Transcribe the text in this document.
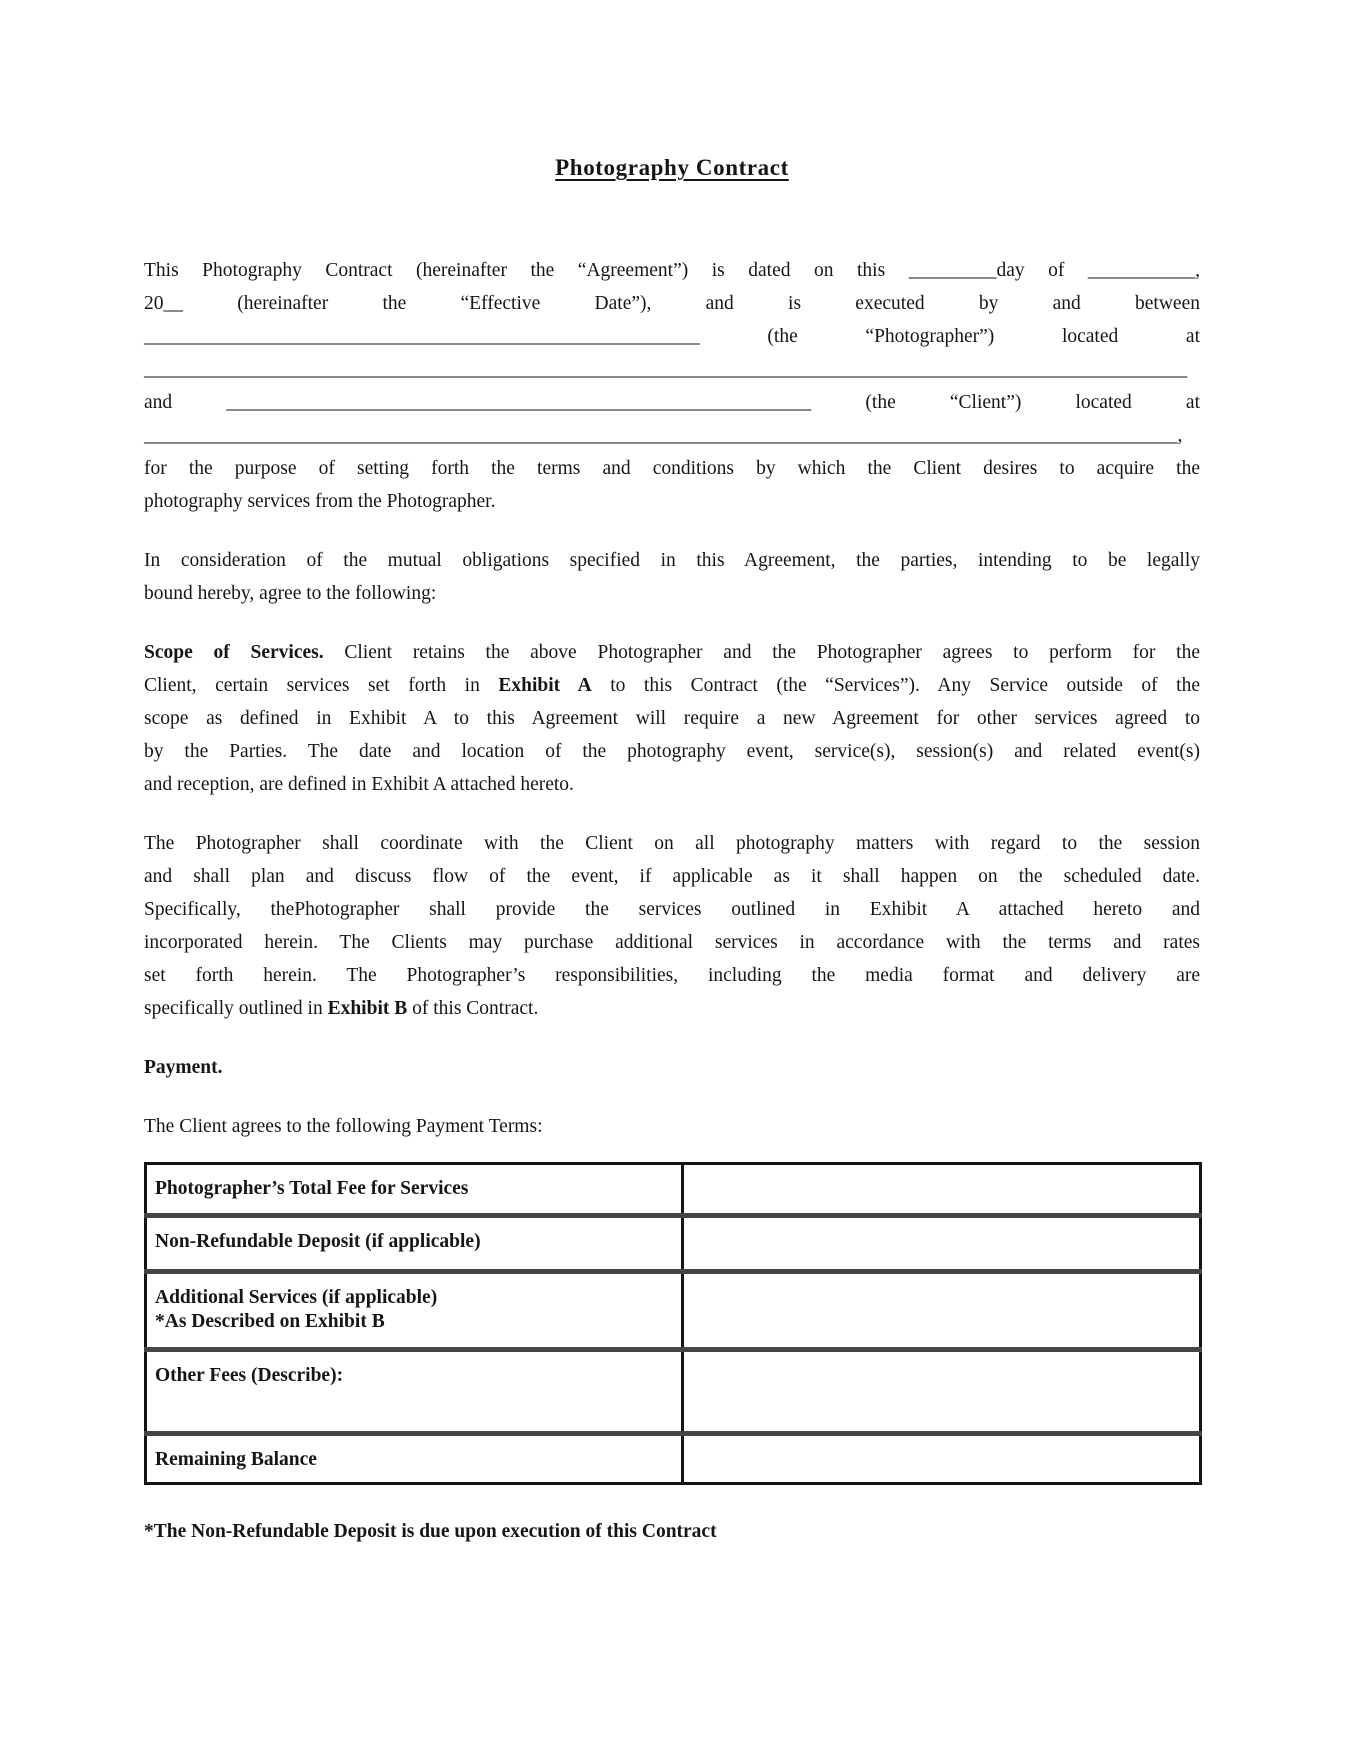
Photography Contract
This Photography Contract (hereinafter the “Agreement”) is dated on this _________day of ___________,
20__ (hereinafter the “Effective Date”), and is executed by and between
_________________________________________________________ (the “Photographer”) located at
___________________________________________________________________________________________________________
and ____________________________________________________________ (the “Client”) located at
__________________________________________________________________________________________________________,
for the purpose of setting forth the terms and conditions by which the Client desires to acquire the
photography services from the Photographer.
In consideration of the mutual obligations specified in this Agreement, the parties, intending to be legally
bound hereby, agree to the following:
Scope of Services. Client retains the above Photographer and the Photographer agrees to perform for the
Client, certain services set forth in Exhibit A to this Contract (the “Services”). Any Service outside of the
scope as defined in Exhibit A to this Agreement will require a new Agreement for other services agreed to
by the Parties. The date and location of the photography event, service(s), session(s) and related event(s)
and reception, are defined in Exhibit A attached hereto.
The Photographer shall coordinate with the Client on all photography matters with regard to the session
and shall plan and discuss flow of the event, if applicable as it shall happen on the scheduled date.
Specifically, thePhotographer shall provide the services outlined in Exhibit A attached hereto and
incorporated herein. The Clients may purchase additional services in accordance with the terms and rates
set forth herein. The Photographer’s responsibilities, including the media format and delivery are
specifically outlined in Exhibit B of this Contract.
Payment.
The Client agrees to the following Payment Terms:
Photographer’s Total Fee for Services	

Non-Refundable Deposit (if applicable)	

Additional Services (if applicable)
*As Described on Exhibit B	

Other Fees (Describe):	

Remaining Balance	

*The Non-Refundable Deposit is due upon execution of this Contract
